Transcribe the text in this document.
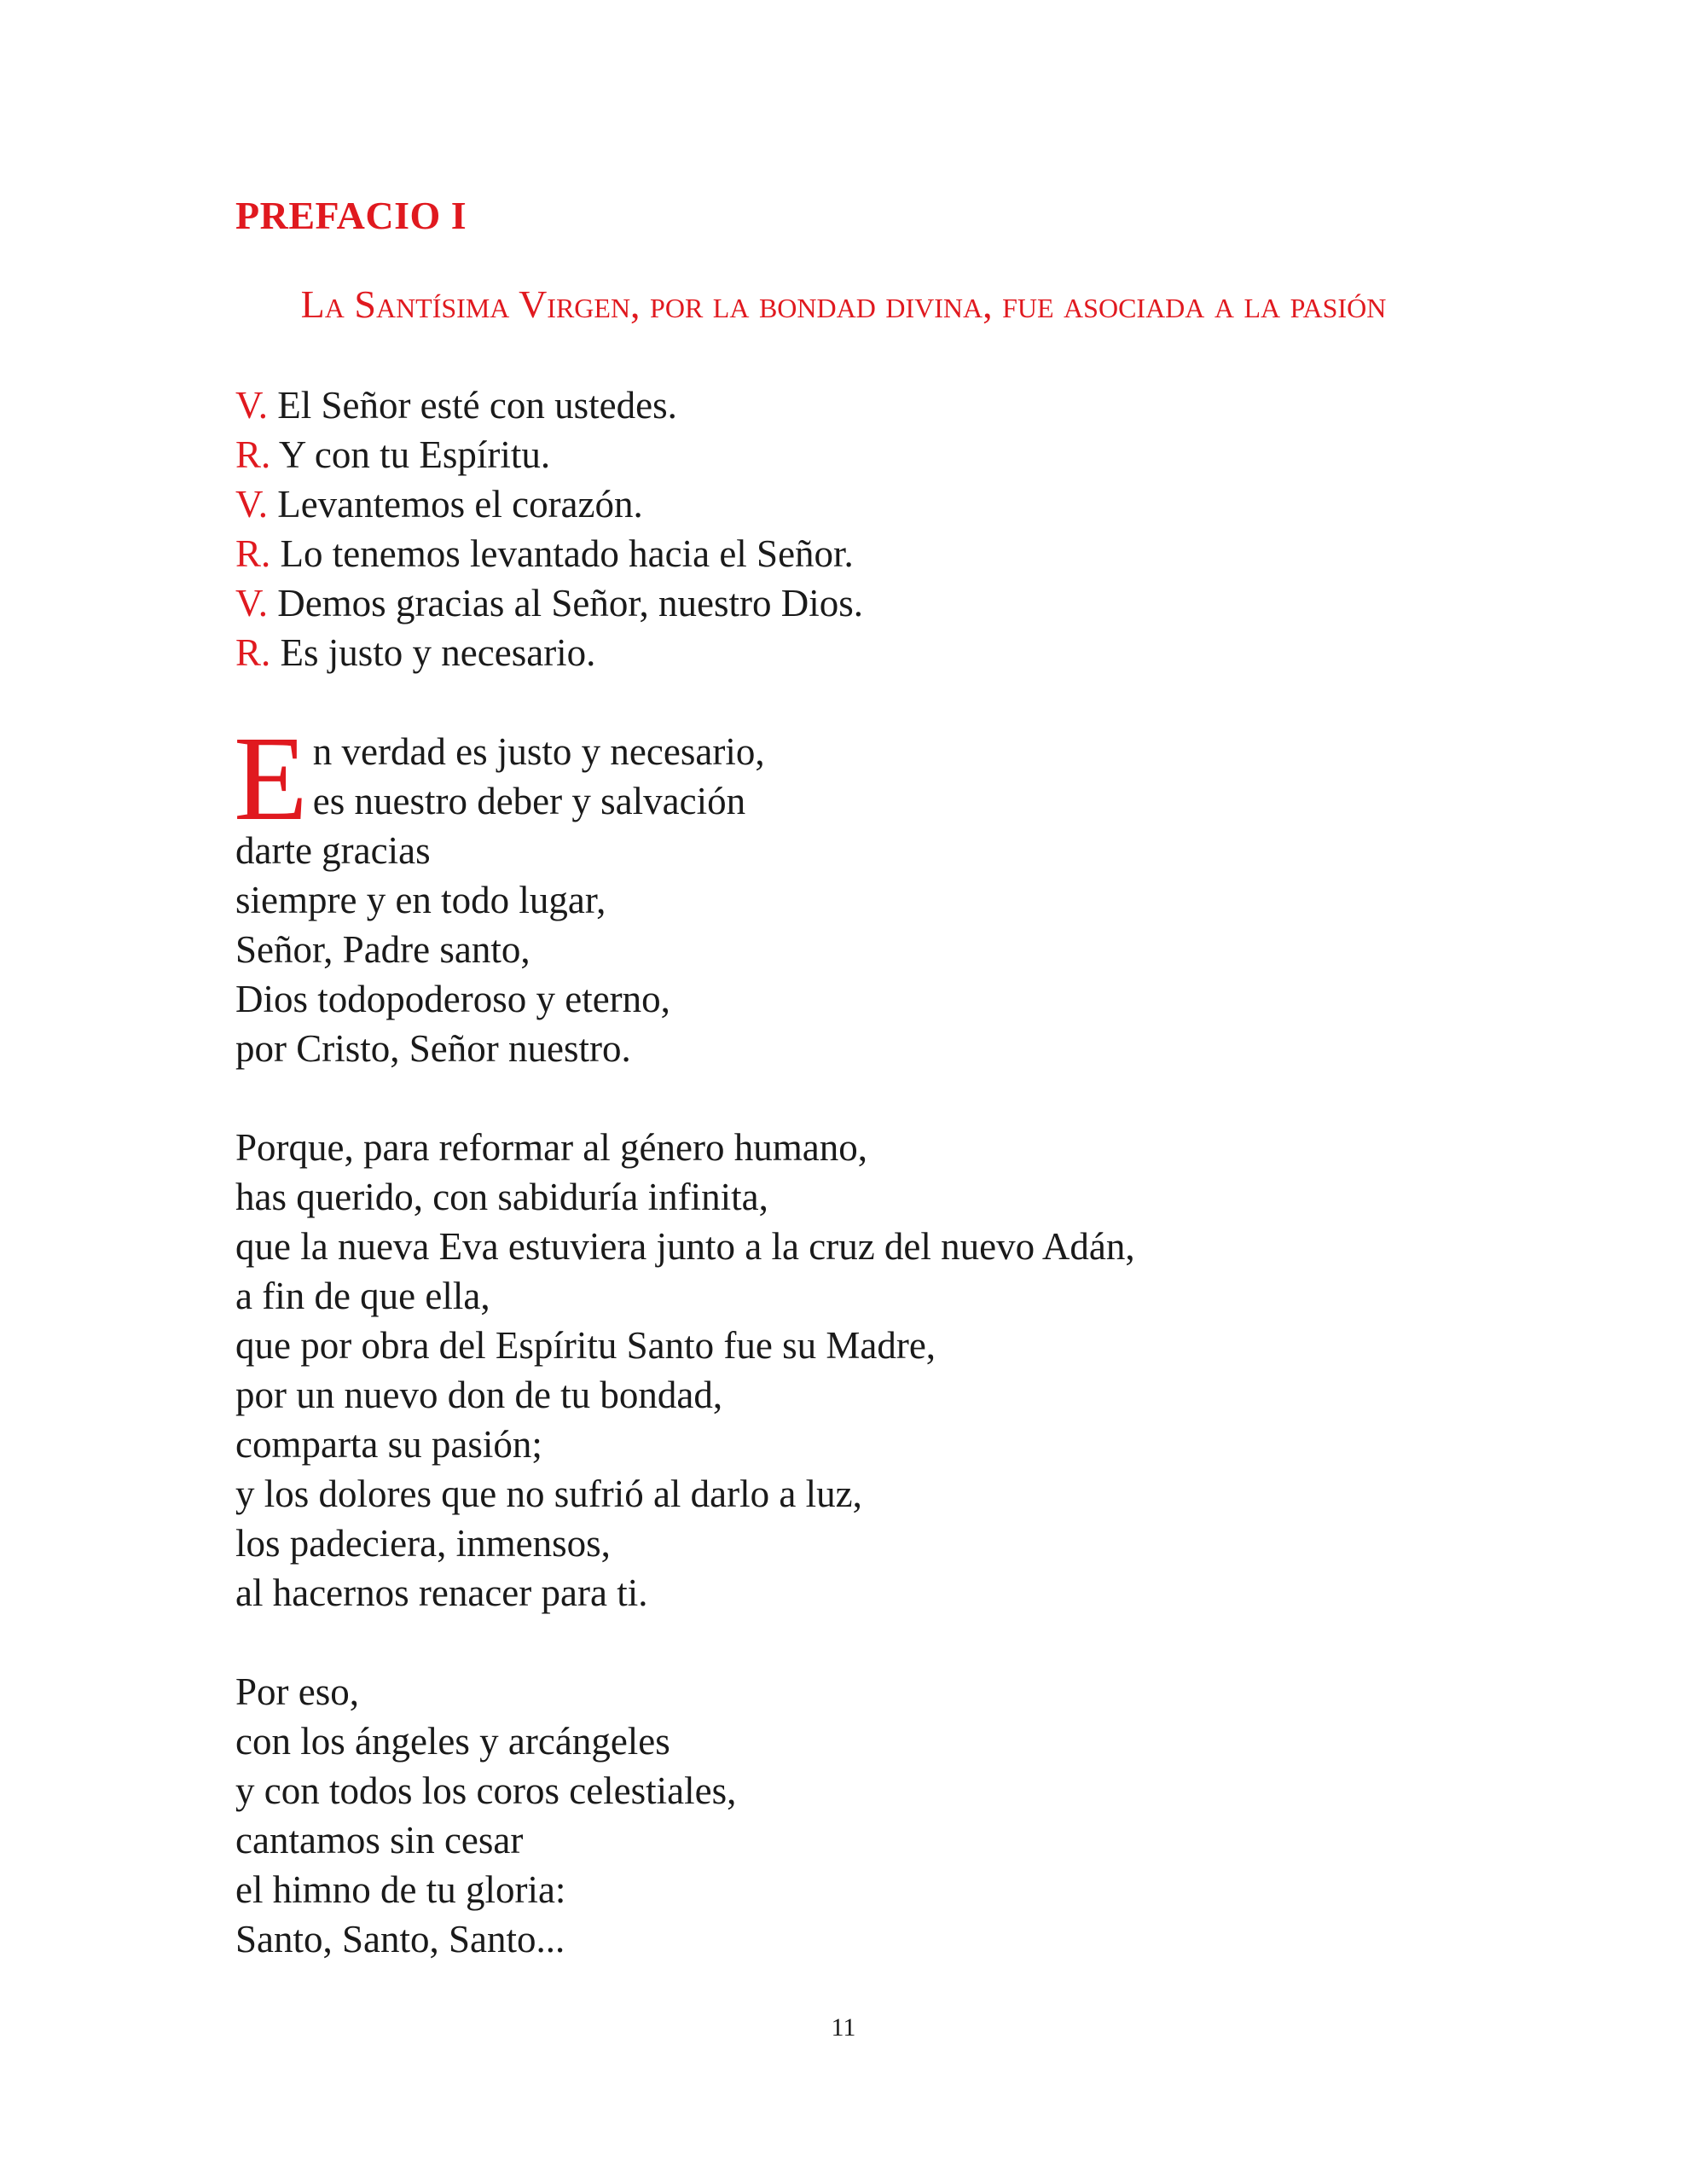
PREFACIO I

La Santísima Virgen, por la bondad divina, fue asociada a la pasión

V. El Señor esté con ustedes.
R. Y con tu Espíritu.
V. Levantemos el corazón.
R. Lo tenemos levantado hacia el Señor.
V. Demos gracias al Señor, nuestro Dios.
R. Es justo y necesario.
E n verdad es justo y necesario,
es nuestro deber y salvación
darte gracias
siempre y en todo lugar,
Señor, Padre santo,
Dios todopoderoso y eterno,
por Cristo, Señor nuestro.
Porque, para reformar al género humano,
has querido, con sabiduría infinita,
que la nueva Eva estuviera junto a la cruz del nuevo Adán,
a fin de que ella,
que por obra del Espíritu Santo fue su Madre,
por un nuevo don de tu bondad,
comparta su pasión;
y los dolores que no sufrió al darlo a luz,
los padeciera, inmensos,
al hacernos renacer para ti.
Por eso,
con los ángeles y arcángeles
y con todos los coros celestiales,
cantamos sin cesar
el himno de tu gloria:
Santo, Santo, Santo...
11
